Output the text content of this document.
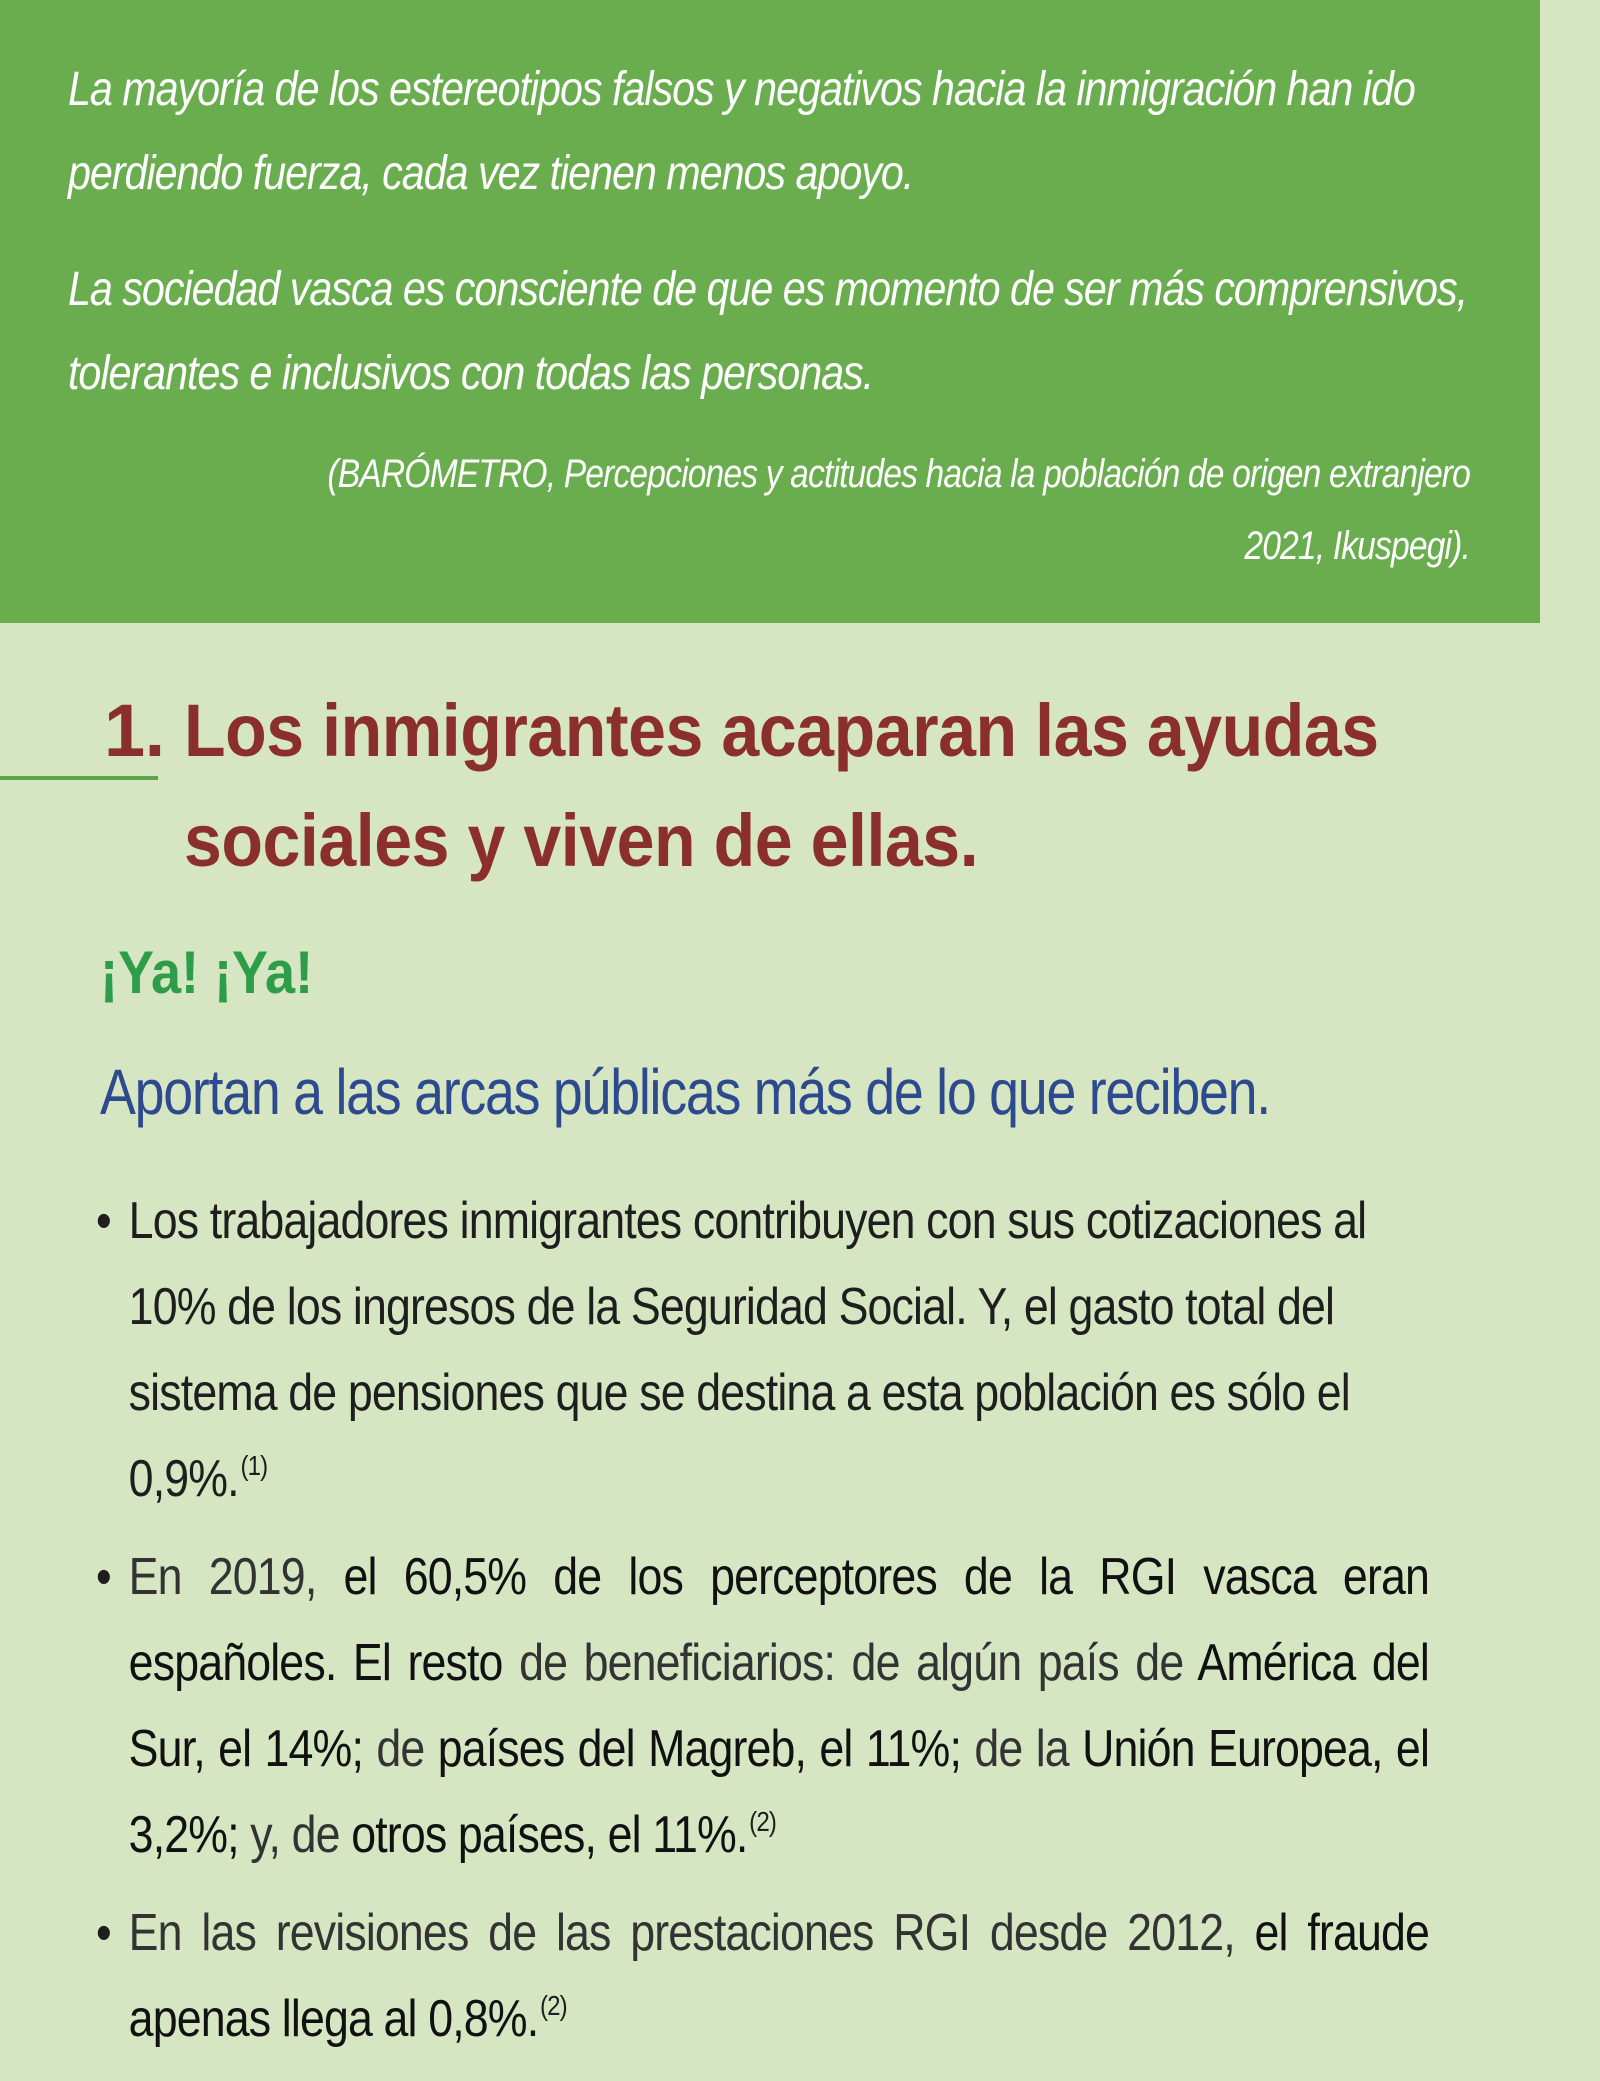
La mayoría de los estereotipos falsos y negativos hacia la inmigración han ido perdiendo fuerza, cada vez tienen menos apoyo.

La sociedad vasca es consciente de que es momento de ser más comprensivos, tolerantes e inclusivos con todas las personas.

(BARÓMETRO, Percepciones y actitudes hacia la población de origen extranjero 2021, Ikuspegi).

1. Los inmigrantes acaparan las ayudas sociales y viven de ellas.
¡Ya! ¡Ya!
Aportan a las arcas públicas más de lo que reciben.
• Los trabajadores inmigrantes contribuyen con sus cotizaciones al 10% de los ingresos de la Seguridad Social. Y, el gasto total del sistema de pensiones que se destina a esta población es sólo el 0,9%.$^{(1)}$
• En 2019, el 60,5% de los perceptores de la RGI vasca eran españoles. El resto de beneficiarios: de algún país de América del Sur, el 14%; de países del Magreb, el 11%; de la Unión Europea, el 3,2%; y, de otros países, el 11%.$^{(2)}$
• En las revisiones de las prestaciones RGI desde 2012, el fraude apenas llega al 0,8%.$^{(2)}$
